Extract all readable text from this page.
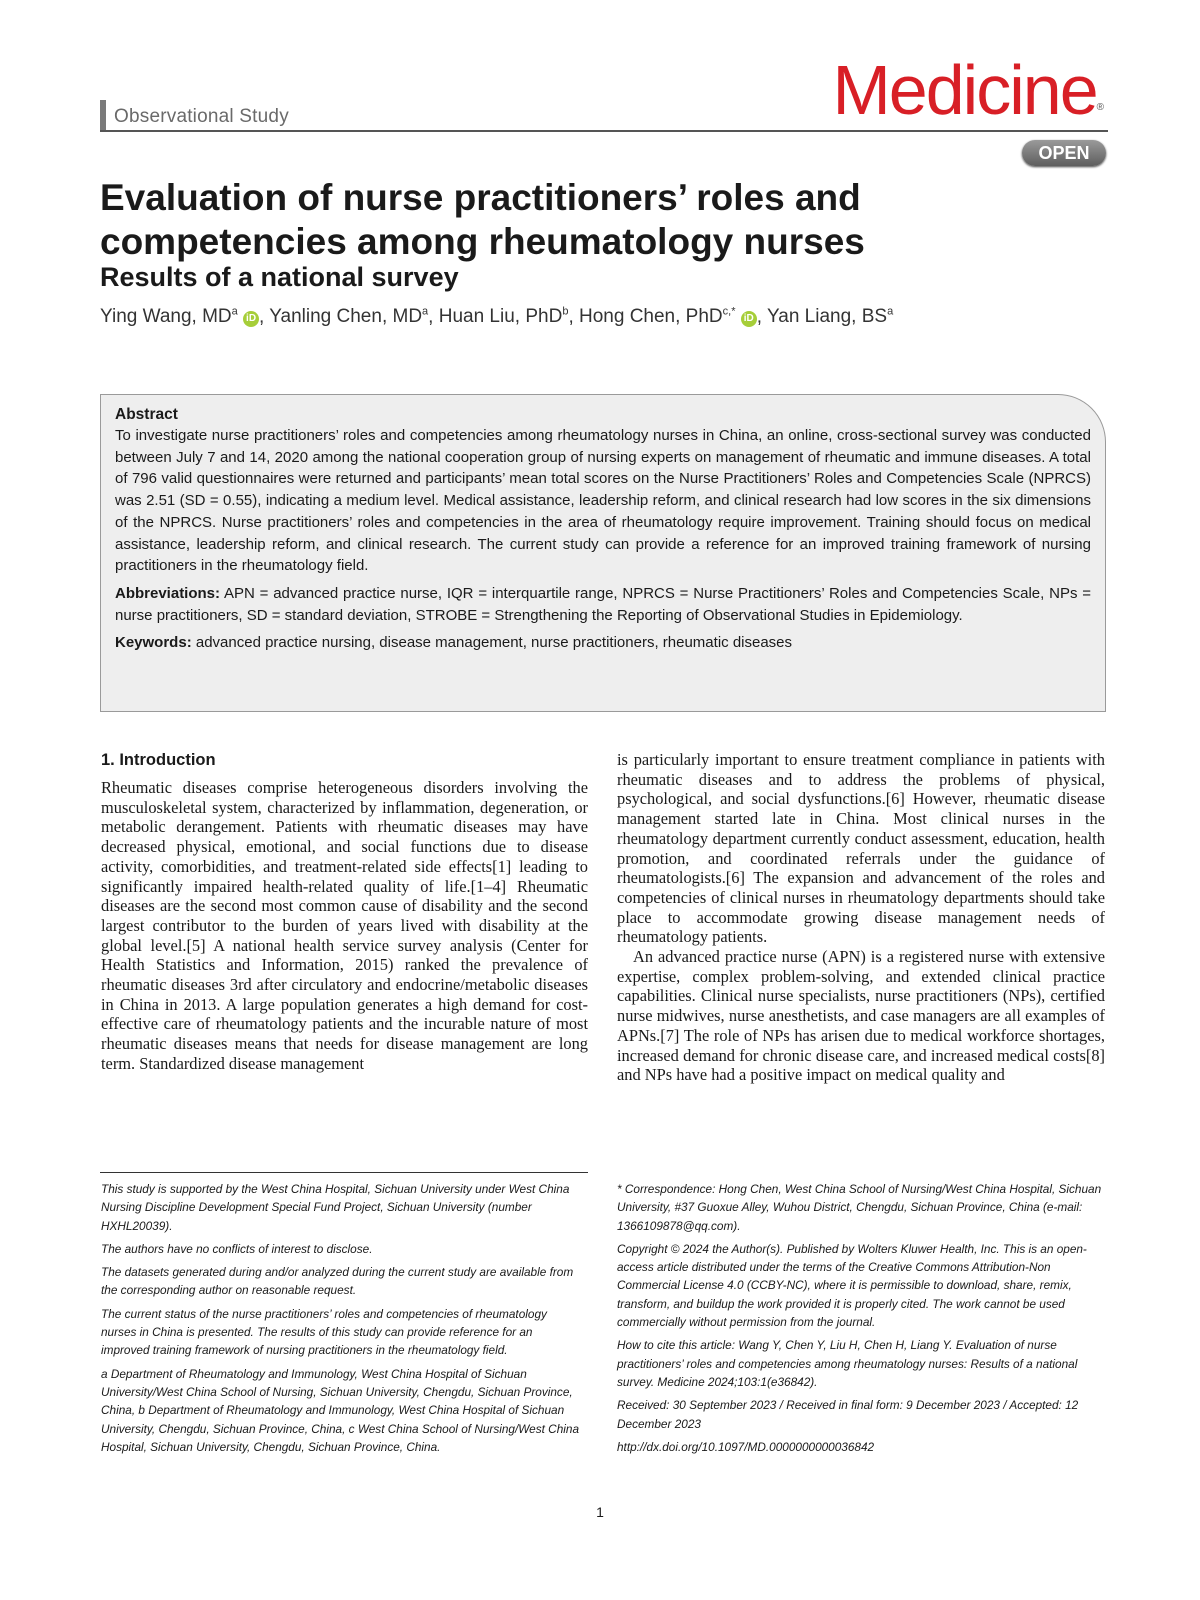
Observational Study	Medicine®
OPEN
Evaluation of nurse practitioners’ roles and competencies among rheumatology nurses
Results of a national survey
Ying Wang, $MD^a$ iD , Yanling Chen, $MD^a$, Huan Liu, PhD$^b$, Hong Chen, PhD$^{c,*}$ iD , Yan Liang, $BS^a$
Abstract

To investigate nurse practitioners’ roles and competencies among rheumatology nurses in China, an online, cross-sectional survey was conducted between July 7 and 14, 2020 among the national cooperation group of nursing experts on management of rheumatic and immune diseases. A total of 796 valid questionnaires were returned and participants’ mean total scores on the Nurse Practitioners’ Roles and Competencies Scale (NPRCS) was 2.51 (SD = 0.55), indicating a medium level. Medical assistance, leadership reform, and clinical research had low scores in the six dimensions of the NPRCS. Nurse practitioners’ roles and competencies in the area of rheumatology require improvement. Training should focus on medical assistance, leadership reform, and clinical research. The current study can provide a reference for an improved training framework of nursing practitioners in the rheumatology field.

Abbreviations: APN = advanced practice nurse, IQR = interquartile range, NPRCS = Nurse Practitioners’ Roles and Competencies Scale, NPs = nurse practitioners, SD = standard deviation, STROBE = Strengthening the Reporting of Observational Studies in Epidemiology.

Keywords: advanced practice nursing, disease management, nurse practitioners, rheumatic diseases

1. Introduction

Rheumatic diseases comprise heterogeneous disorders involving the musculoskeletal system, characterized by inflammation, degeneration, or metabolic derangement. Patients with rheumatic diseases may have decreased physical, emotional, and social functions due to disease activity, comorbidities, and treatment-related side effects[1] leading to significantly impaired health-related quality of life.[1–4] Rheumatic diseases are the second most common cause of disability and the second largest contributor to the burden of years lived with disability at the global level.[5] A national health service survey analysis (Center for Health Statistics and Information, 2015) ranked the prevalence of rheumatic diseases 3rd after circulatory and endocrine/metabolic diseases in China in 2013. A large population generates a high demand for cost-effective care of rheumatology patients and the incurable nature of most rheumatic diseases means that needs for disease management are long term. Standardized disease management

is particularly important to ensure treatment compliance in patients with rheumatic diseases and to address the problems of physical, psychological, and social dysfunctions.[6] However, rheumatic disease management started late in China. Most clinical nurses in the rheumatology department currently conduct assessment, education, health promotion, and coordinated referrals under the guidance of rheumatologists.[6] The expansion and advancement of the roles and competencies of clinical nurses in rheumatology departments should take place to accommodate growing disease management needs of rheumatology patients.

An advanced practice nurse (APN) is a registered nurse with extensive expertise, complex problem-solving, and extended clinical practice capabilities. Clinical nurse specialists, nurse practitioners (NPs), certified nurse midwives, nurse anesthetists, and case managers are all examples of APNs.[7] The role of NPs has arisen due to medical workforce shortages, increased demand for chronic disease care, and increased medical costs[8] and NPs have had a positive impact on medical quality and

This study is supported by the West China Hospital, Sichuan University under West China Nursing Discipline Development Special Fund Project, Sichuan University (number HXHL20039).

The authors have no conflicts of interest to disclose.

The datasets generated during and/or analyzed during the current study are available from the corresponding author on reasonable request.

The current status of the nurse practitioners’ roles and competencies of rheumatology nurses in China is presented. The results of this study can provide reference for an improved training framework of nursing practitioners in the rheumatology field.

a Department of Rheumatology and Immunology, West China Hospital of Sichuan University/West China School of Nursing, Sichuan University, Chengdu, Sichuan Province, China, b Department of Rheumatology and Immunology, West China Hospital of Sichuan University, Chengdu, Sichuan Province, China, c West China School of Nursing/West China Hospital, Sichuan University, Chengdu, Sichuan Province, China.

* Correspondence: Hong Chen, West China School of Nursing/West China Hospital, Sichuan University, #37 Guoxue Alley, Wuhou District, Chengdu, Sichuan Province, China (e-mail: 1366109878@qq.com).

Copyright © 2024 the Author(s). Published by Wolters Kluwer Health, Inc. This is an open-access article distributed under the terms of the Creative Commons Attribution-Non Commercial License 4.0 (CCBY-NC), where it is permissible to download, share, remix, transform, and buildup the work provided it is properly cited. The work cannot be used commercially without permission from the journal.

How to cite this article: Wang Y, Chen Y, Liu H, Chen H, Liang Y. Evaluation of nurse practitioners’ roles and competencies among rheumatology nurses: Results of a national survey. Medicine 2024;103:1(e36842).

Received: 30 September 2023 / Received in final form: 9 December 2023 / Accepted: 12 December 2023

http://dx.doi.org/10.1097/MD.0000000000036842

1
